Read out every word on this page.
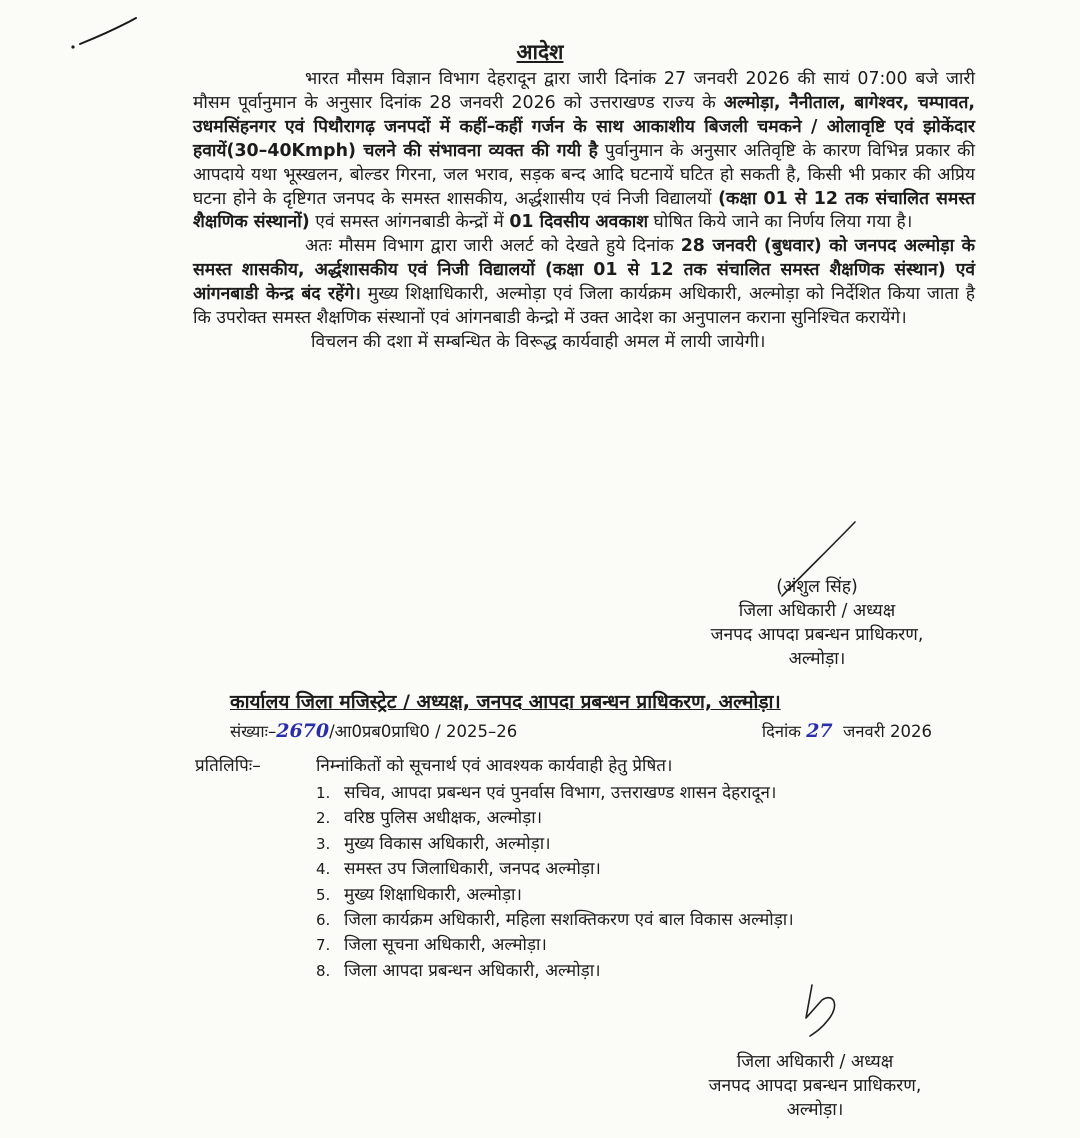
आदेश

भारत मौसम विज्ञान विभाग देहरादून द्वारा जारी दिनांक 27 जनवरी 2026 की सायं 07:00 बजे जारी मौसम पूर्वानुमान के अनुसार दिनांक 28 जनवरी 2026 को उत्तराखण्ड राज्य के अल्मोड़ा, नैनीताल, बागेश्वर, चम्पावत, उधमसिंहनगर एवं पिथौरागढ़ जनपदों में कहीं–कहीं गर्जन के साथ आकाशीय बिजली चमकने / ओलावृष्टि एवं झोकेंदार हवायें(30–40Kmph) चलने की संभावना व्यक्त की गयी है पुर्वानुमान के अनुसार अतिवृष्टि के कारण विभिन्न प्रकार की आपदाये यथा भूस्खलन, बोल्डर गिरना, जल भराव, सड़क बन्द आदि घटनायें घटित हो सकती है, किसी भी प्रकार की अप्रिय घटना होने के दृष्टिगत जनपद के समस्त शासकीय, अर्द्धशासीय एवं निजी विद्यालयों (कक्षा 01 से 12 तक संचालित समस्त शैक्षणिक संस्थानों) एवं समस्त आंगनबाडी केन्द्रों में 01 दिवसीय अवकाश घोषित किये जाने का निर्णय लिया गया है।

अतः मौसम विभाग द्वारा जारी अलर्ट को देखते हुये दिनांक 28 जनवरी (बुधवार) को जनपद अल्मोड़ा के समस्त शासकीय, अर्द्धशासकीय एवं निजी विद्यालयों (कक्षा 01 से 12 तक संचालित समस्त शैक्षणिक संस्थान) एवं आंगनबाडी केन्द्र बंद रहेंगे। मुख्य शिक्षाधिकारी, अल्मोड़ा एवं जिला कार्यक्रम अधिकारी, अल्मोड़ा को निर्देशित किया जाता है कि उपरोक्त समस्त शैक्षणिक संस्थानों एवं आंगनबाडी केन्द्रो में उक्त आदेश का अनुपालन कराना सुनिश्चित करायेंगे।

विचलन की दशा में सम्बन्धित के विरूद्ध कार्यवाही अमल में लायी जायेगी।

(अंशुल सिंह)
जिला अधिकारी / अध्यक्ष
जनपद आपदा प्रबन्धन प्राधिकरण,
अल्मोड़ा।
कार्यालय जिला मजिस्ट्रेट / अध्यक्ष, जनपद आपदा प्रबन्धन प्राधिकरण, अल्मोड़ा।
संख्याः–2670/आ0प्रब0प्राधि0 / 2025–26	दिनांक 27 जनवरी 2026
प्रतिलिपिः–	निम्नांकितों को सूचनार्थ एवं आवश्यक कार्यवाही हेतु प्रेषित।
1. सचिव, आपदा प्रबन्धन एवं पुनर्वास विभाग, उत्तराखण्ड शासन देहरादून।
2. वरिष्ठ पुलिस अधीक्षक, अल्मोड़ा।
3. मुख्य विकास अधिकारी, अल्मोड़ा।
4. समस्त उप जिलाधिकारी, जनपद अल्मोड़ा।
5. मुख्य शिक्षाधिकारी, अल्मोड़ा।
6. जिला कार्यक्रम अधिकारी, महिला सशक्तिकरण एवं बाल विकास अल्मोड़ा।
7. जिला सूचना अधिकारी, अल्मोड़ा।
8. जिला आपदा प्रबन्धन अधिकारी, अल्मोड़ा।
जिला अधिकारी / अध्यक्ष
जनपद आपदा प्रबन्धन प्राधिकरण,
अल्मोड़ा।
